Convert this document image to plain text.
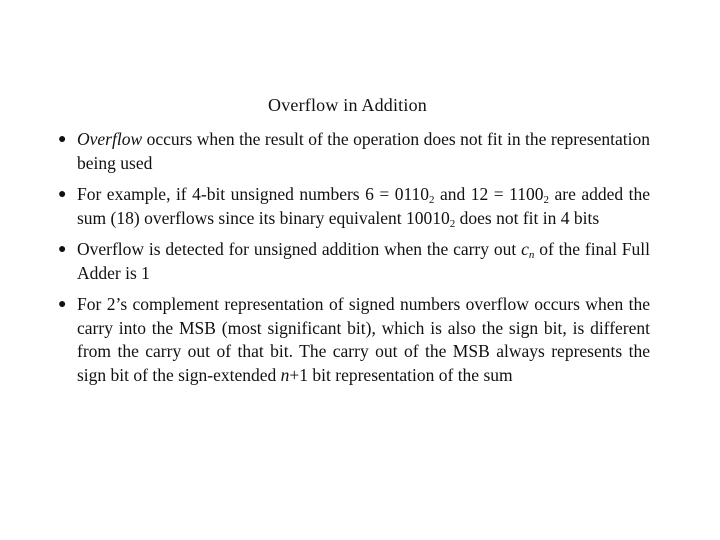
Overflow in Addition
● Overflow occurs when the result of the operation does not fit in the representation being used
● For example, if 4-bit unsigned numbers $6 = 0110_2$ and $12 = 1100_2$ are added the sum (18) overflows since its binary equivalent $10010_2$ does not fit in 4 bits
● Overflow is detected for unsigned addition when the carry out $c_n$ of the final Full Adder is 1
● For 2’s complement representation of signed numbers overflow occurs when the carry into the MSB (most significant bit), which is also the sign bit, is different from the carry out of that bit. The carry out of the MSB always represents the sign bit of the sign-extended n+1 bit representation of the sum
